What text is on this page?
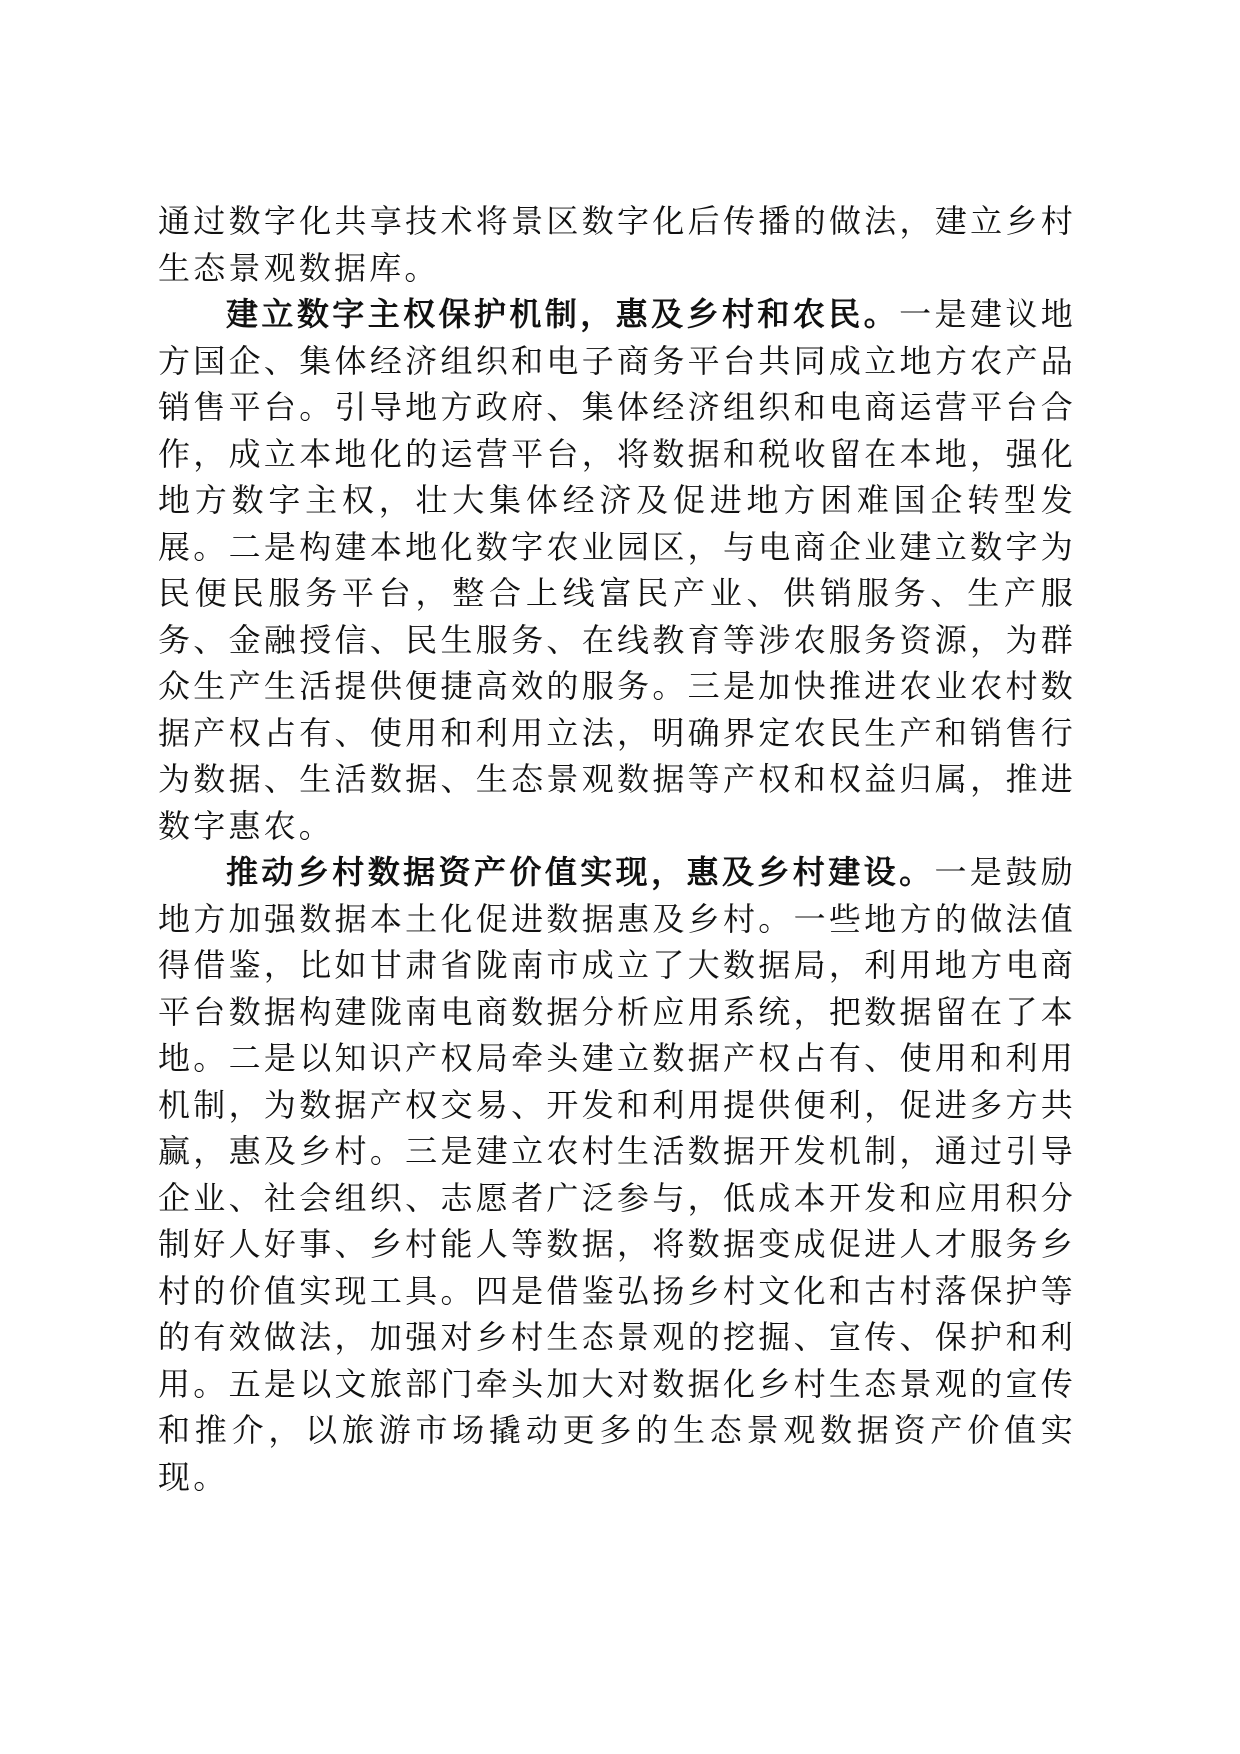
通过数字化共享技术将景区数字化后传播的做法，建立乡村生态景观数据库。

建立数字主权保护机制，惠及乡村和农民。一是建议地方国企、集体经济组织和电子商务平台共同成立地方农产品销售平台。引导地方政府、集体经济组织和电商运营平台合作，成立本地化的运营平台，将数据和税收留在本地，强化地方数字主权，壮大集体经济及促进地方困难国企转型发展。二是构建本地化数字农业园区，与电商企业建立数字为民便民服务平台，整合上线富民产业、供销服务、生产服务、金融授信、民生服务、在线教育等涉农服务资源，为群众生产生活提供便捷高效的服务。三是加快推进农业农村数据产权占有、使用和利用立法，明确界定农民生产和销售行为数据、生活数据、生态景观数据等产权和权益归属，推进数字惠农。

推动乡村数据资产价值实现，惠及乡村建设。一是鼓励地方加强数据本土化促进数据惠及乡村。一些地方的做法值得借鉴，比如甘肃省陇南市成立了大数据局，利用地方电商平台数据构建陇南电商数据分析应用系统，把数据留在了本地。二是以知识产权局牵头建立数据产权占有、使用和利用机制，为数据产权交易、开发和利用提供便利，促进多方共赢，惠及乡村。三是建立农村生活数据开发机制，通过引导企业、社会组织、志愿者广泛参与，低成本开发和应用积分制好人好事、乡村能人等数据，将数据变成促进人才服务乡村的价值实现工具。四是借鉴弘扬乡村文化和古村落保护等的有效做法，加强对乡村生态景观的挖掘、宣传、保护和利用。五是以文旅部门牵头加大对数据化乡村生态景观的宣传和推介，以旅游市场撬动更多的生态景观数据资产价值实现。
